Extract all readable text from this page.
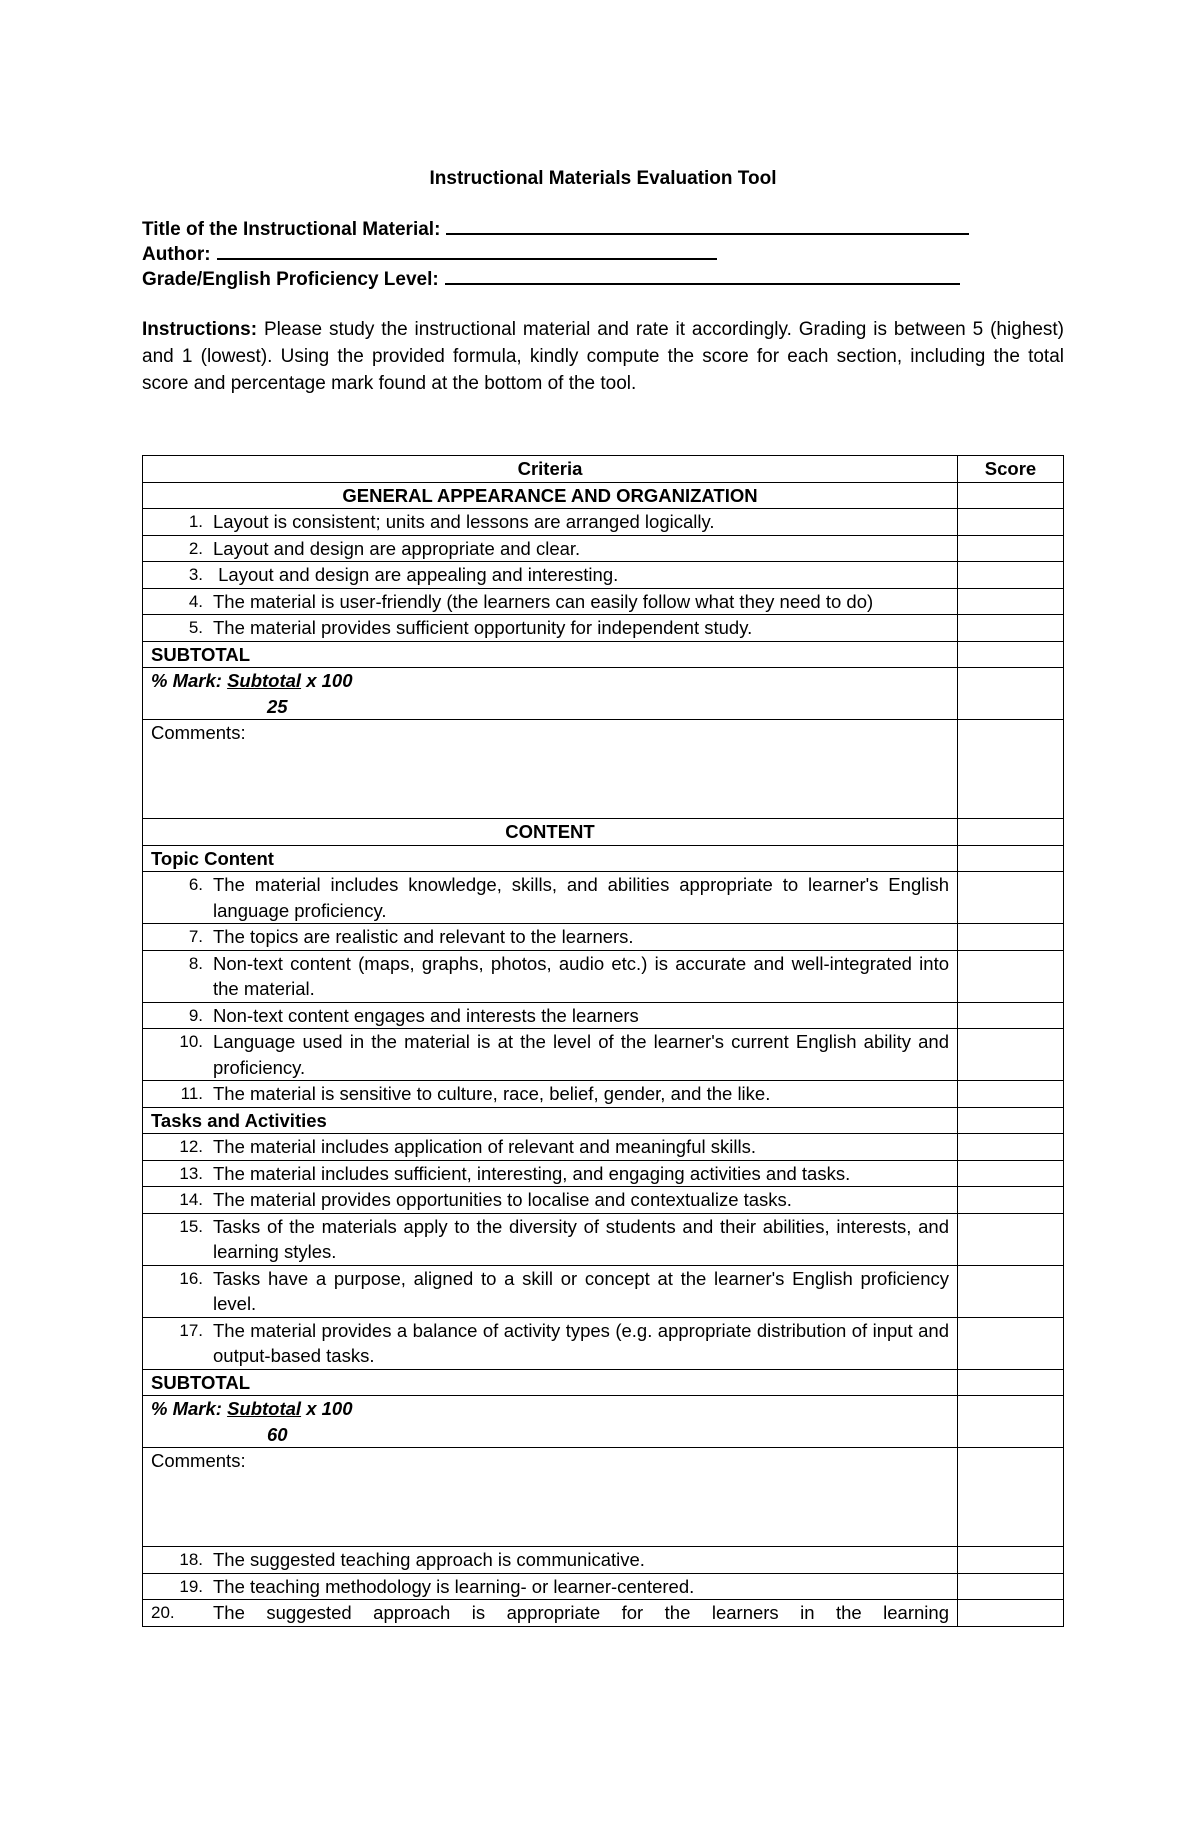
Instructional Materials Evaluation Tool
Title of the Instructional Material:
Author:
Grade/English Proficiency Level:
Instructions: Please study the instructional material and rate it accordingly. Grading is between 5 (highest) and 1 (lowest). Using the provided formula, kindly compute the score for each section, including the total score and percentage mark found at the bottom of the tool.
Criteria	Score
GENERAL APPEARANCE AND ORGANIZATION	

1. Layout is consistent; units and lessons are arranged logically.	

2. Layout and design are appropriate and clear.	

3. Layout and design are appealing and interesting.	

4. The material is user-friendly (the learners can easily follow what they need to do)	

5. The material provides sufficient opportunity for independent study.	

SUBTOTAL	
% Mark: Subtotal x 100
25	

Comments:	
CONTENT	
Topic Content	

6. The material includes knowledge, skills, and abilities appropriate to learner's English language proficiency.	

7. The topics are realistic and relevant to the learners.	

8. Non-text content (maps, graphs, photos, audio etc.) is accurate and well-integrated into the material.	

9. Non-text content engages and interests the learners	

10. Language used in the material is at the level of the learner's current English ability and proficiency.	

11. The material is sensitive to culture, race, belief, gender, and the like.	

Tasks and Activities	

12. The material includes application of relevant and meaningful skills.	

13. The material includes sufficient, interesting, and engaging activities and tasks.	

14. The material provides opportunities to localise and contextualize tasks.	

15. Tasks of the materials apply to the diversity of students and their abilities, interests, and learning styles.	

16. Tasks have a purpose, aligned to a skill or concept at the learner's English proficiency level.	

17. The material provides a balance of activity types (e.g. appropriate distribution of input and output-based tasks.	

SUBTOTAL	
% Mark: Subtotal x 100
60	

Comments:	

18. The suggested teaching approach is communicative.	

19. The teaching methodology is learning- or learner-centered.	

20. The suggested approach is appropriate for the learners in the learning	
